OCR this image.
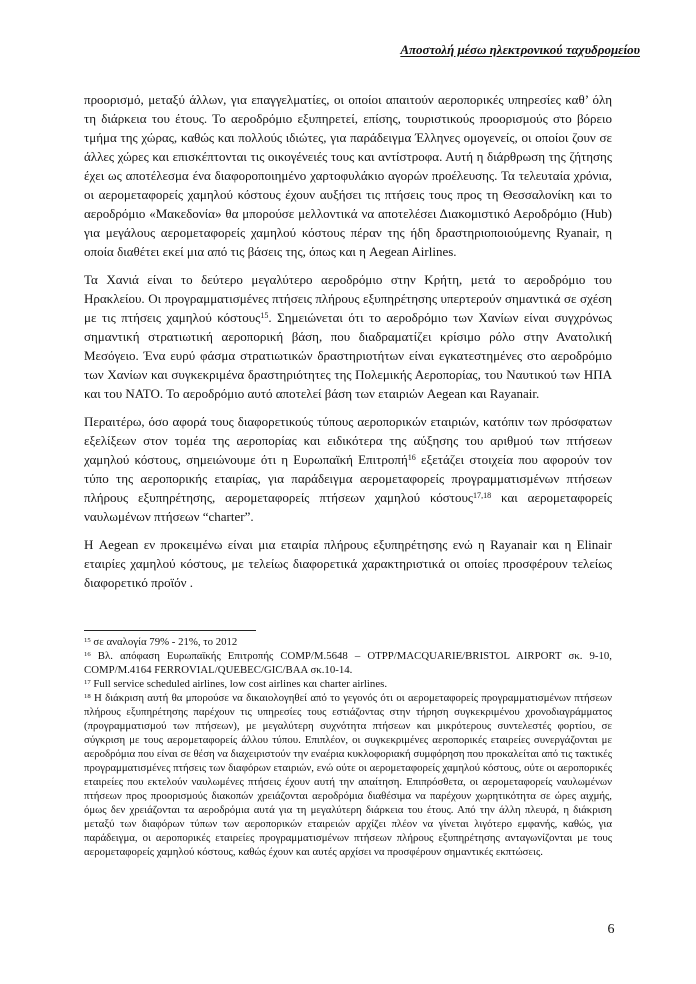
Αποστολή μέσω ηλεκτρονικού ταχυδρομείου

προορισμό, μεταξύ άλλων, για επαγγελματίες, οι οποίοι απαιτούν αεροπορικές υπηρεσίες καθ’ όλη τη διάρκεια του έτους. Το αεροδρόμιο εξυπηρετεί, επίσης, τουριστικούς προορισμούς στο βόρειο τμήμα της χώρας, καθώς και πολλούς ιδιώτες, για παράδειγμα Έλληνες ομογενείς, οι οποίοι ζουν σε άλλες χώρες και επισκέπτονται τις οικογένειές τους και αντίστροφα. Αυτή η διάρθρωση της ζήτησης έχει ως αποτέλεσμα ένα διαφοροποιημένο χαρτοφυλάκιο αγορών προέλευσης. Τα τελευταία χρόνια, οι αερομεταφορείς χαμηλού κόστους έχουν αυξήσει τις πτήσεις τους προς τη Θεσσαλονίκη και το αεροδρόμιο «Μακεδονία» θα μπορούσε μελλοντικά να αποτελέσει Διακομιστικό Αεροδρόμιο (Hub) για μεγάλους αερομεταφορείς χαμηλού κόστους πέραν της ήδη δραστηριοποιούμενης Ryanair, η οποία διαθέτει εκεί μια από τις βάσεις της, όπως και η Aegean Airlines.

Τα Χανιά είναι το δεύτερο μεγαλύτερο αεροδρόμιο στην Κρήτη, μετά το αεροδρόμιο του Ηρακλείου. Οι προγραμματισμένες πτήσεις πλήρους εξυπηρέτησης υπερτερούν σημαντικά σε σχέση με τις πτήσεις χαμηλού κόστους$^{15}$. Σημειώνεται ότι το αεροδρόμιο των Χανίων είναι συγχρόνως σημαντική στρατιωτική αεροπορική βάση, που διαδραματίζει κρίσιμο ρόλο στην Ανατολική Μεσόγειο. Ένα ευρύ φάσμα στρατιωτικών δραστηριοτήτων είναι εγκατεστημένες στο αεροδρόμιο των Χανίων και συγκεκριμένα δραστηριότητες της Πολεμικής Αεροπορίας, του Ναυτικού των ΗΠΑ και του ΝΑΤΟ. Το αεροδρόμιο αυτό αποτελεί βάση των εταιριών Aegean και Rayanair.

Περαιτέρω, όσο αφορά τους διαφορετικούς τύπους αεροπορικών εταιριών, κατόπιν των πρόσφατων εξελίξεων στον τομέα της αεροπορίας και ειδικότερα της αύξησης του αριθμού των πτήσεων χαμηλού κόστους, σημειώνουμε ότι η Ευρωπαϊκή Επιτροπή$^{16}$ εξετάζει στοιχεία που αφορούν τον τύπο της αεροπορικής εταιρίας, για παράδειγμα αερομεταφορείς προγραμματισμένων πτήσεων πλήρους εξυπηρέτησης, αερομεταφορείς πτήσεων χαμηλού κόστους$^{17,18}$ και αερομεταφορείς ναυλωμένων πτήσεων “charter”.

Η Aegean εν προκειμένω είναι μια εταιρία πλήρους εξυπηρέτησης ενώ η Rayanair και η Elinair εταιρίες χαμηλού κόστους, με τελείως διαφορετικά χαρακτηριστικά οι οποίες προσφέρουν τελείως διαφορετικό προϊόν .

$^{15}$ σε αναλογία 79% - 21%, το 2012
$^{16}$ Βλ. απόφαση Ευρωπαϊκής Επιτροπής COMP/M.5648 – OTPP/MACQUARIE/BRISTOL AIRPORT σκ. 9-10, COMP/M.4164 FERROVIAL/QUEBEC/GIC/BAA σκ.10-14.
$^{17}$ Full service scheduled airlines, low cost airlines και charter airlines.
$^{18}$ Η διάκριση αυτή θα μπορούσε να δικαιολογηθεί από το γεγονός ότι οι αερομεταφορείς προγραμματισμένων πτήσεων πλήρους εξυπηρέτησης παρέχουν τις υπηρεσίες τους εστιάζοντας στην τήρηση συγκεκριμένου χρονοδιαγράμματος (προγραμματισμού των πτήσεων), με μεγαλύτερη συχνότητα πτήσεων και μικρότερους συντελεστές φορτίου, σε σύγκριση με τους αερομεταφορείς άλλου τύπου. Επιπλέον, οι συγκεκριμένες αεροπορικές εταιρείες συνεργάζονται με αεροδρόμια που είναι σε θέση να διαχειριστούν την εναέρια κυκλοφοριακή συμφόρηση που προκαλείται από τις τακτικές προγραμματισμένες πτήσεις των διαφόρων εταιριών, ενώ ούτε οι αερομεταφορείς χαμηλού κόστους, ούτε οι αεροπορικές εταιρείες που εκτελούν ναυλωμένες πτήσεις έχουν αυτή την απαίτηση. Επιπρόσθετα, οι αερομεταφορείς ναυλωμένων πτήσεων προς προορισμούς διακοπών χρειάζονται αεροδρόμια διαθέσιμα να παρέχουν χωρητικότητα σε ώρες αιχμής, όμως δεν χρειάζονται τα αεροδρόμια αυτά για τη μεγαλύτερη διάρκεια του έτους. Από την άλλη πλευρά, η διάκριση μεταξύ των διαφόρων τύπων των αεροπορικών εταιρειών αρχίζει πλέον να γίνεται λιγότερο εμφανής, καθώς, για παράδειγμα, οι αεροπορικές εταιρείες προγραμματισμένων πτήσεων πλήρους εξυπηρέτησης ανταγωνίζονται με τους αερομεταφορείς χαμηλού κόστους, καθώς έχουν και αυτές αρχίσει να προσφέρουν σημαντικές εκπτώσεις.
6
